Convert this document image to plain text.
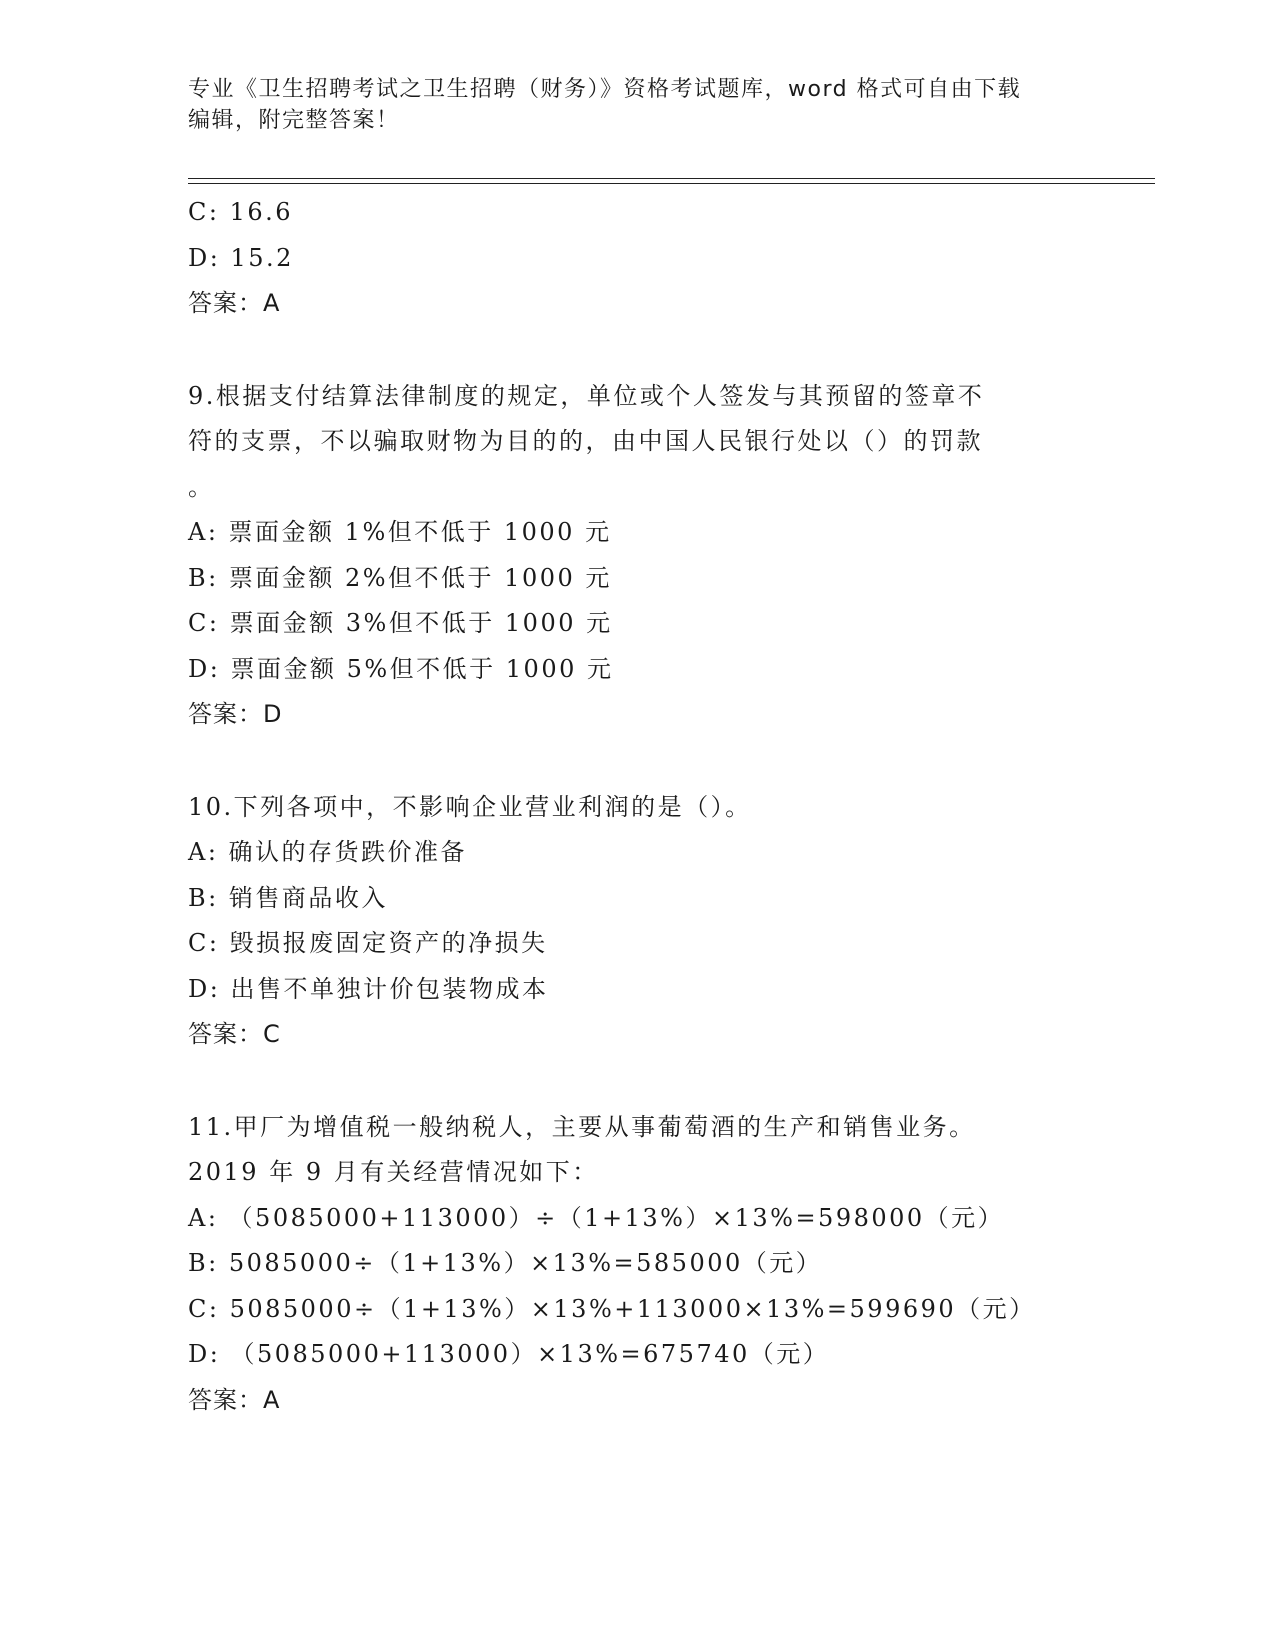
专业《卫生招聘考试之卫生招聘（财务）》资格考试题库，word 格式可自由下载
编辑，附完整答案！
C: 16.6
D: 15.2
答案：A
9.根据支付结算法律制度的规定，单位或个人签发与其预留的签章不
符的支票，不以骗取财物为目的的，由中国人民银行处以（）的罚款
。
A: 票面金额 1%但不低于 1000 元
B: 票面金额 2%但不低于 1000 元
C: 票面金额 3%但不低于 1000 元
D: 票面金额 5%但不低于 1000 元
答案：D
10.下列各项中，不影响企业营业利润的是（）。
A: 确认的存货跌价准备
B: 销售商品收入
C: 毁损报废固定资产的净损失
D: 出售不单独计价包装物成本
答案：C
11.甲厂为增值税一般纳税人，主要从事葡萄酒的生产和销售业务。
2019 年 9 月有关经营情况如下：
A: （5085000+113000）÷（1+13%）×13%=598000（元）
B: 5085000÷（1+13%）×13%=585000（元）
C: 5085000÷（1+13%）×13%+113000×13%=599690（元）
D: （5085000+113000）×13%=675740（元）
答案：A
